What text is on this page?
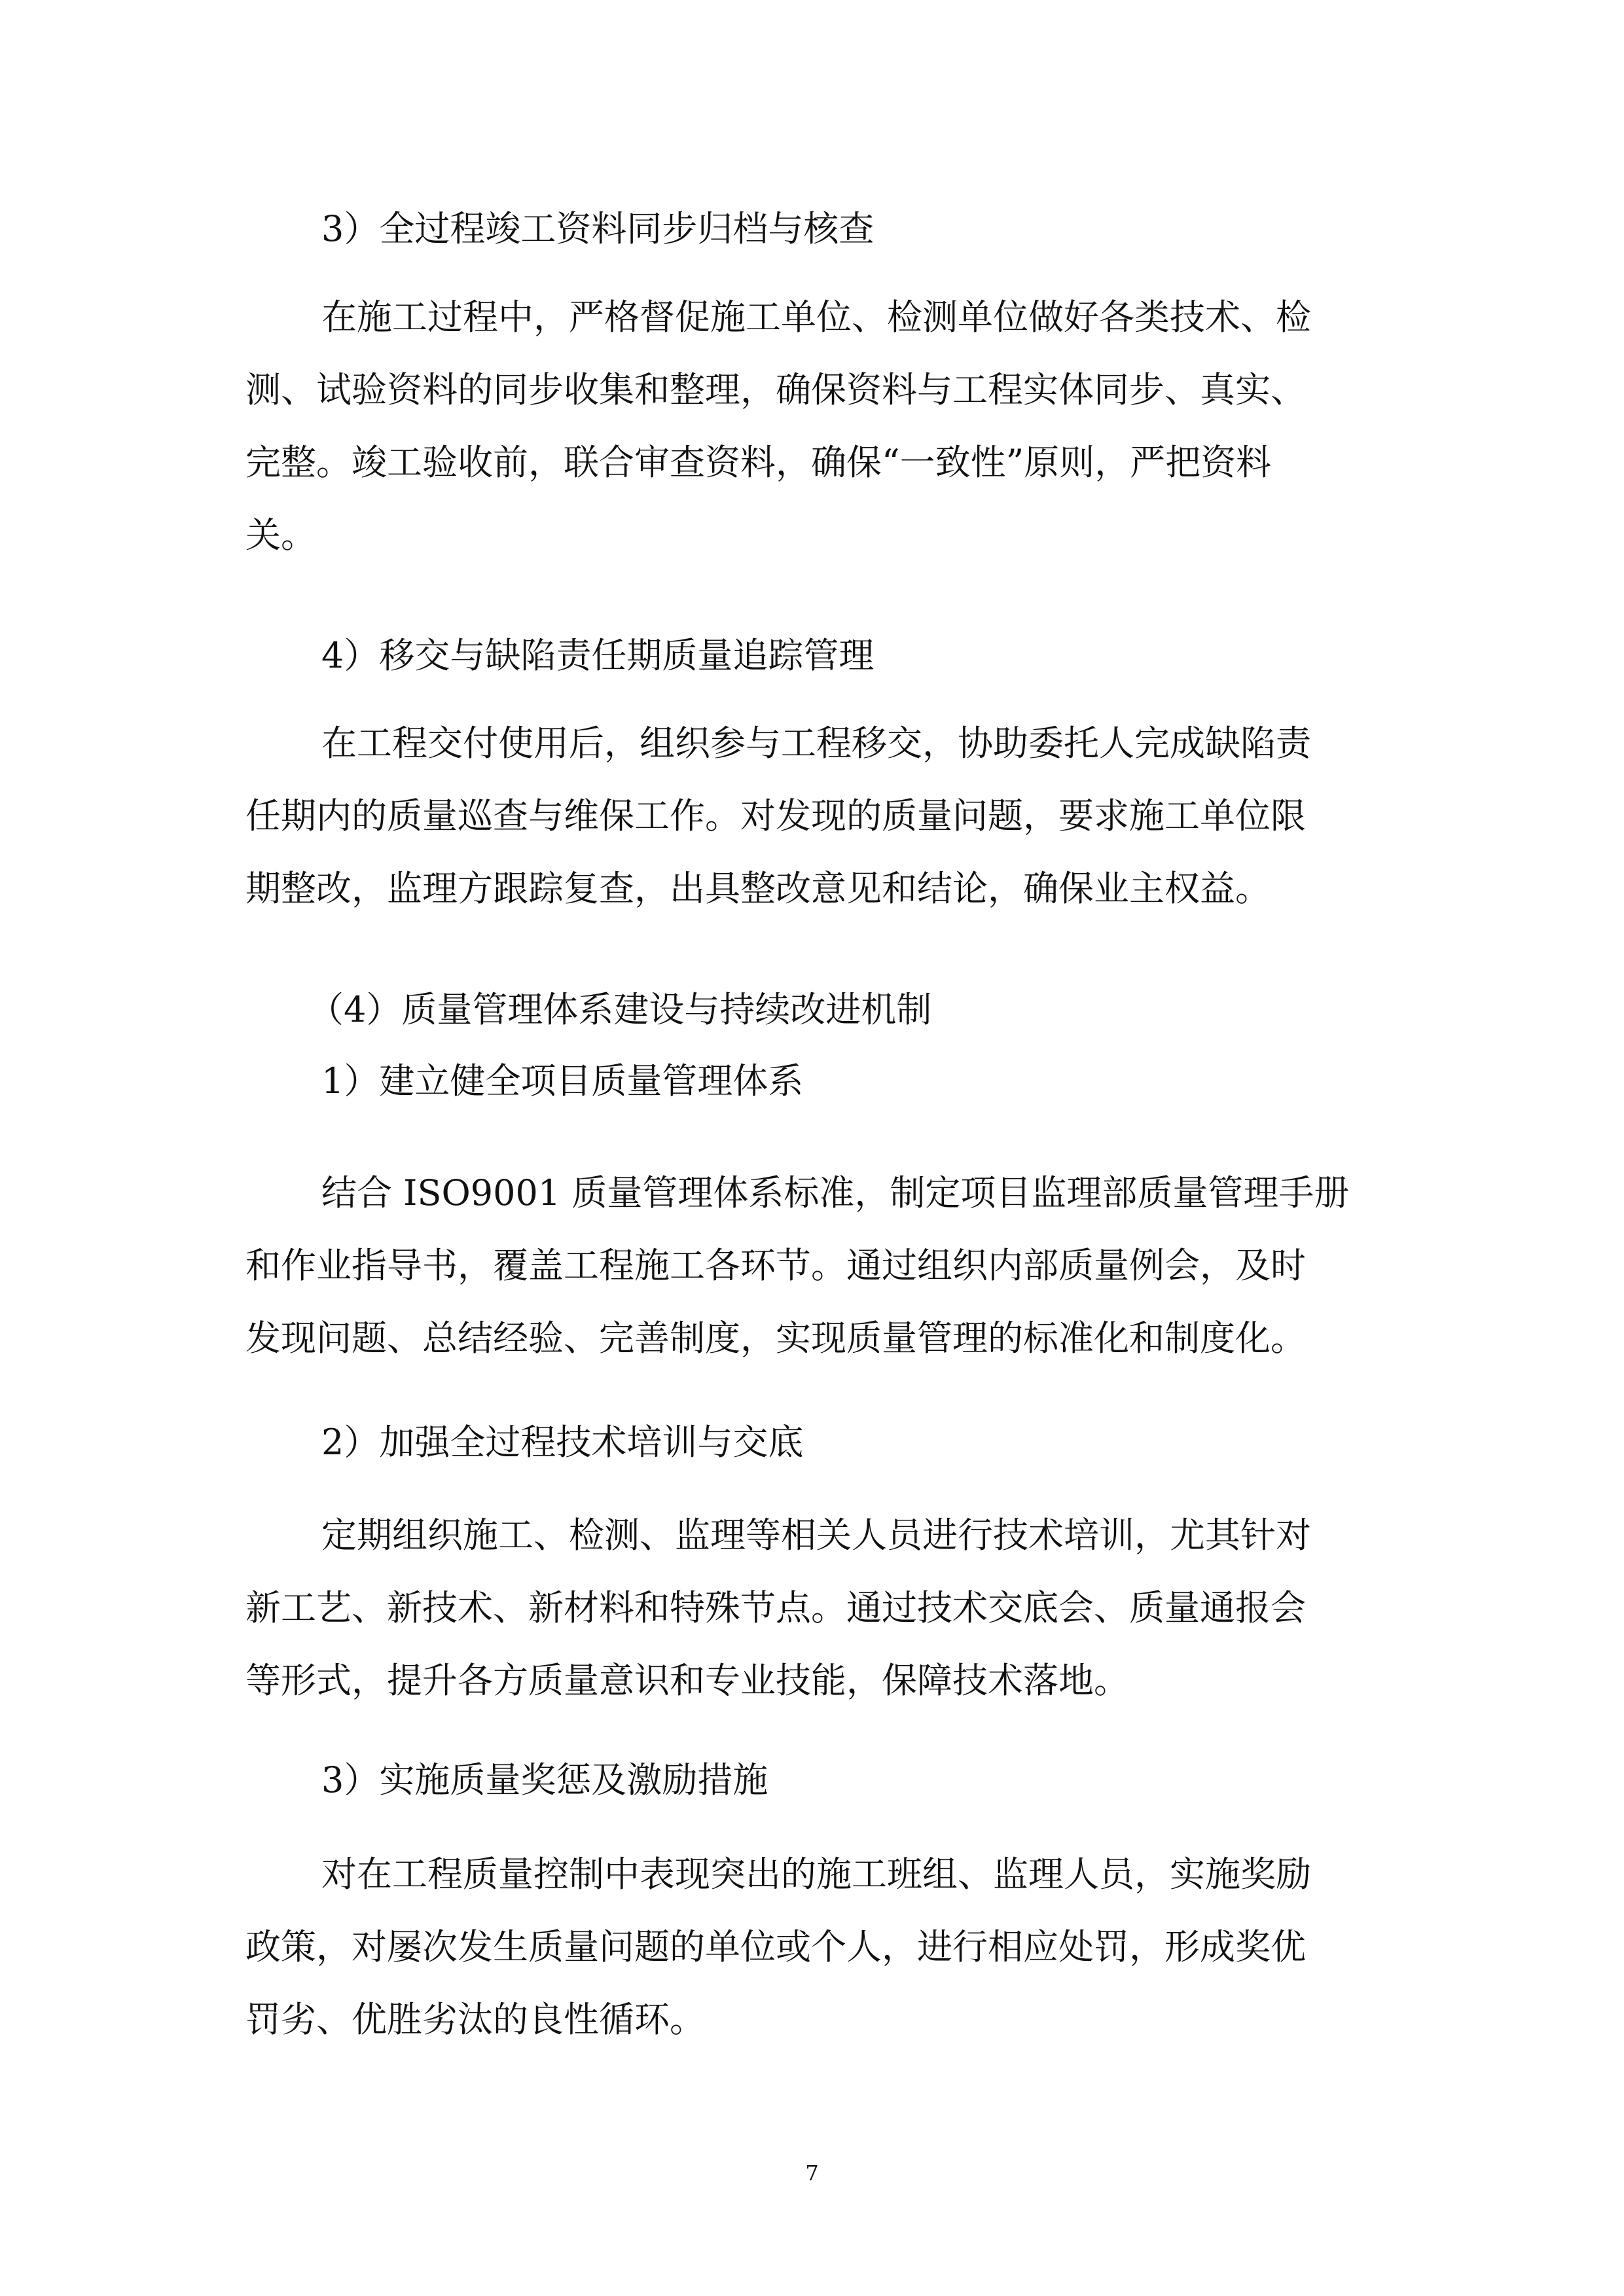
3）全过程竣工资料同步归档与核查
在施工过程中，严格督促施工单位、检测单位做好各类技术、检
测、试验资料的同步收集和整理，确保资料与工程实体同步、真实、
完整。竣工验收前，联合审查资料，确保“一致性”原则，严把资料
关。
4）移交与缺陷责任期质量追踪管理
在工程交付使用后，组织参与工程移交，协助委托人完成缺陷责
任期内的质量巡查与维保工作。对发现的质量问题，要求施工单位限
期整改，监理方跟踪复查，出具整改意见和结论，确保业主权益。
（4）质量管理体系建设与持续改进机制
1）建立健全项目质量管理体系
结合 ISO9001 质量管理体系标准，制定项目监理部质量管理手册
和作业指导书，覆盖工程施工各环节。通过组织内部质量例会，及时
发现问题、总结经验、完善制度，实现质量管理的标准化和制度化。
2）加强全过程技术培训与交底
定期组织施工、检测、监理等相关人员进行技术培训，尤其针对
新工艺、新技术、新材料和特殊节点。通过技术交底会、质量通报会
等形式，提升各方质量意识和专业技能，保障技术落地。
3）实施质量奖惩及激励措施
对在工程质量控制中表现突出的施工班组、监理人员，实施奖励
政策，对屡次发生质量问题的单位或个人，进行相应处罚，形成奖优
罚劣、优胜劣汰的良性循环。
7
